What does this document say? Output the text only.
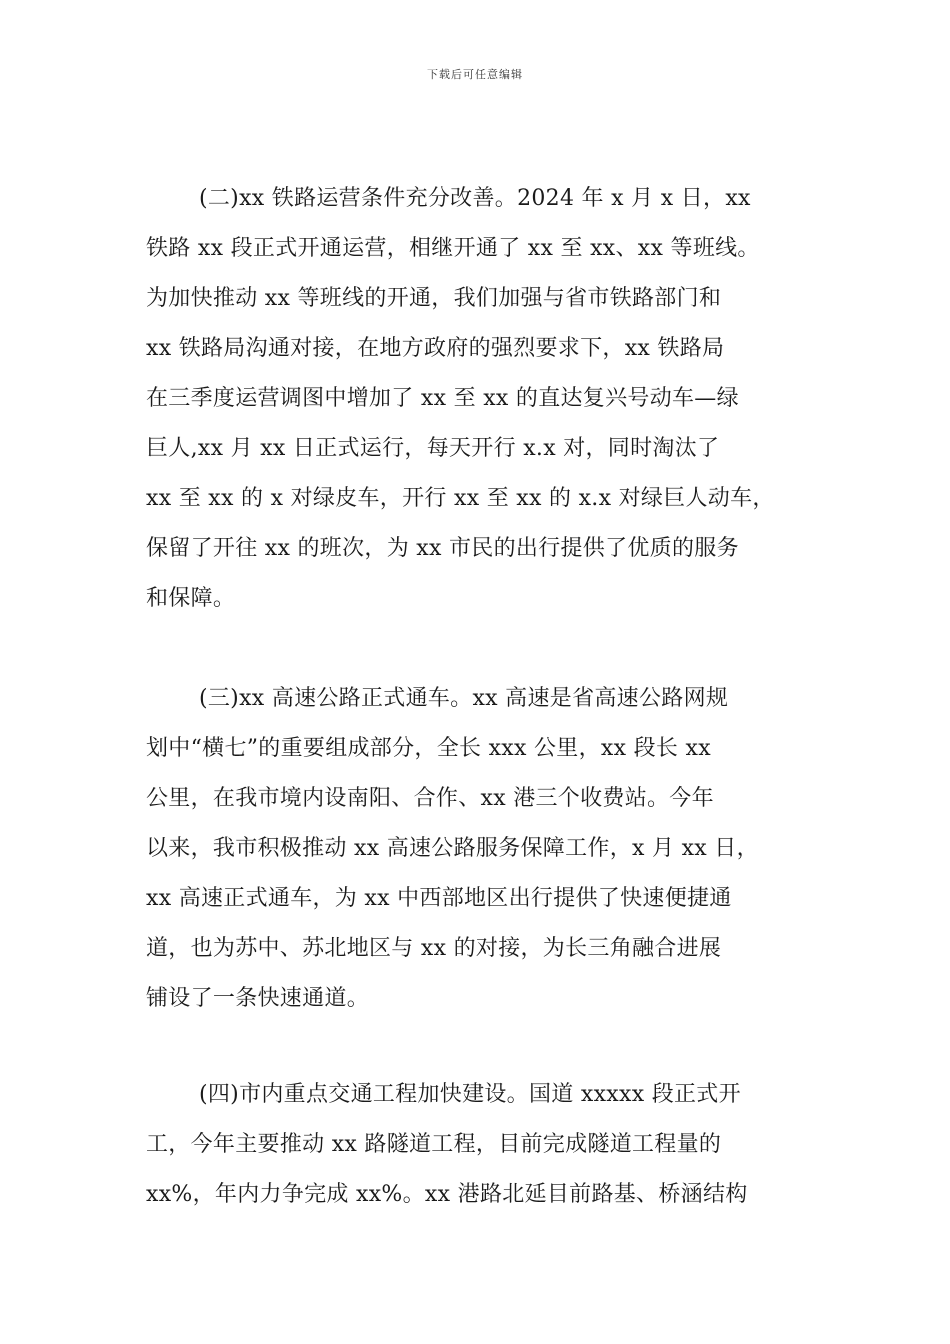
下载后可任意编辑
(二)xx 铁路运营条件充分改善。2024 年 x 月 x 日，xx
铁路 xx 段正式开通运营，相继开通了 xx 至 xx、xx 等班线。
为加快推动 xx 等班线的开通，我们加强与省市铁路部门和
xx 铁路局沟通对接，在地方政府的强烈要求下，xx 铁路局
在三季度运营调图中增加了 xx 至 xx 的直达复兴号动车—绿
巨人,xx 月 xx 日正式运行，每天开行 x.x 对，同时淘汰了
xx 至 xx 的 x 对绿皮车，开行 xx 至 xx 的 x.x 对绿巨人动车，
保留了开往 xx 的班次，为 xx 市民的出行提供了优质的服务
和保障。
(三)xx 高速公路正式通车。xx 高速是省高速公路网规
划中“横七”的重要组成部分，全长 xxx 公里，xx 段长 xx
公里，在我市境内设南阳、合作、xx 港三个收费站。今年
以来，我市积极推动 xx 高速公路服务保障工作，x 月 xx 日，
xx 高速正式通车，为 xx 中西部地区出行提供了快速便捷通
道，也为苏中、苏北地区与 xx 的对接，为长三角融合进展
铺设了一条快速通道。
(四)市内重点交通工程加快建设。国道 xxxxx 段正式开
工，今年主要推动 xx 路隧道工程，目前完成隧道工程量的
xx%，年内力争完成 xx%。xx 港路北延目前路基、桥涵结构
